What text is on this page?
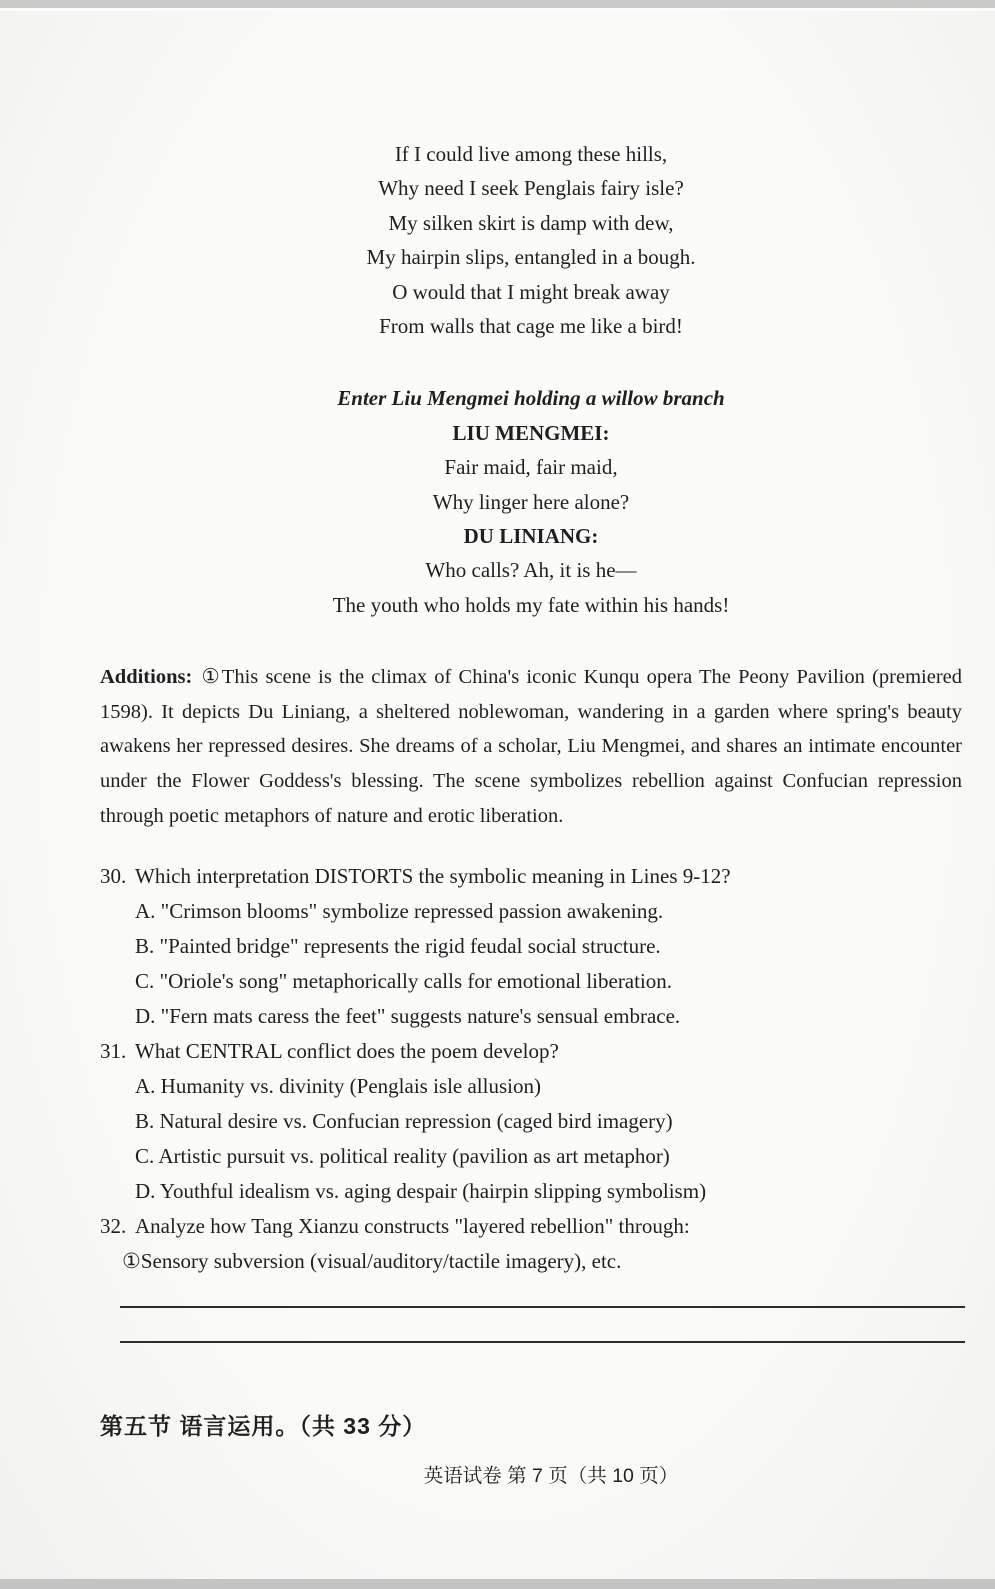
If I could live among these hills,

Why need I seek Penglais fairy isle?

My silken skirt is damp with dew,

My hairpin slips, entangled in a bough.

O would that I might break away

From walls that cage me like a bird!

Enter Liu Mengmei holding a willow branch

LIU MENGMEI:

Fair maid, fair maid,

Why linger here alone?

DU LINIANG:

Who calls? Ah, it is he—

The youth who holds my fate within his hands!

Additions: ①This scene is the climax of China's iconic Kunqu opera The Peony Pavilion (premiered 1598). It depicts Du Liniang, a sheltered noblewoman, wandering in a garden where spring's beauty awakens her repressed desires. She dreams of a scholar, Liu Mengmei, and shares an intimate encounter under the Flower Goddess's blessing. The scene symbolizes rebellion against Confucian repression through poetic metaphors of nature and erotic liberation.

30. Which interpretation DISTORTS the symbolic meaning in Lines 9-12?

A. "Crimson blooms" symbolize repressed passion awakening.

B. "Painted bridge" represents the rigid feudal social structure.

C. "Oriole's song" metaphorically calls for emotional liberation.

D. "Fern mats caress the feet" suggests nature's sensual embrace.

31. What CENTRAL conflict does the poem develop?

A. Humanity vs. divinity (Penglais isle allusion)

B. Natural desire vs. Confucian repression (caged bird imagery)

C. Artistic pursuit vs. political reality (pavilion as art metaphor)

D. Youthful idealism vs. aging despair (hairpin slipping symbolism)

32. Analyze how Tang Xianzu constructs "layered rebellion" through:

①Sensory subversion (visual/auditory/tactile imagery), etc.

第五节 语言运用。（共 33 分）
英语试卷 第 7 页（共 10 页）
